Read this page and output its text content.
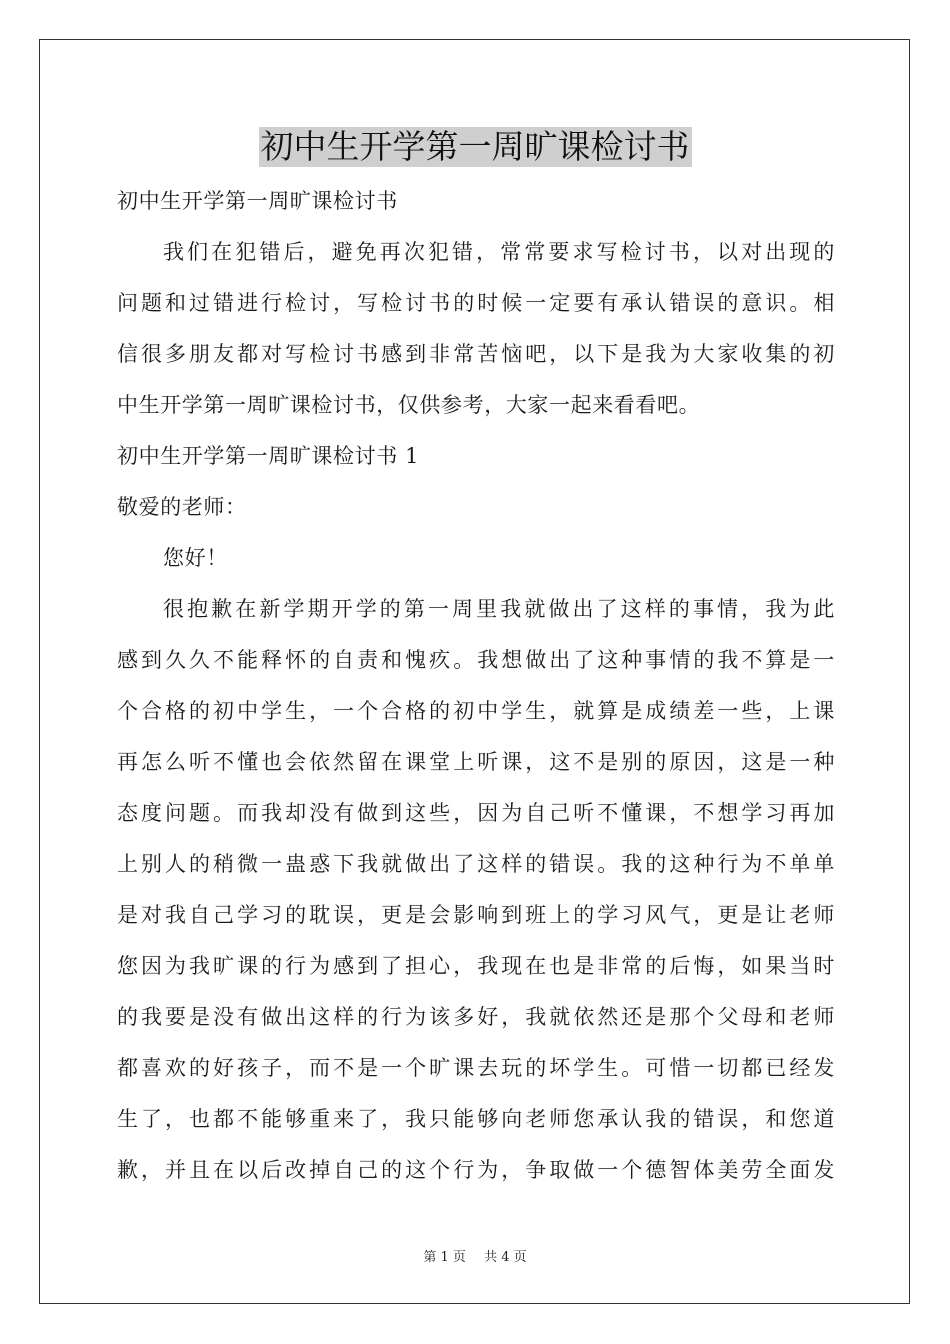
初中生开学第一周旷课检讨书
初中生开学第一周旷课检讨书
我们在犯错后，避免再次犯错，常常要求写检讨书，以对出现的
问题和过错进行检讨，写检讨书的时候一定要有承认错误的意识。相
信很多朋友都对写检讨书感到非常苦恼吧，以下是我为大家收集的初
中生开学第一周旷课检讨书，仅供参考，大家一起来看看吧。
初中生开学第一周旷课检讨书 1
敬爱的老师：
您好！
很抱歉在新学期开学的第一周里我就做出了这样的事情，我为此
感到久久不能释怀的自责和愧疚。我想做出了这种事情的我不算是一
个合格的初中学生，一个合格的初中学生，就算是成绩差一些，上课
再怎么听不懂也会依然留在课堂上听课，这不是别的原因，这是一种
态度问题。而我却没有做到这些，因为自己听不懂课，不想学习再加
上别人的稍微一蛊惑下我就做出了这样的错误。我的这种行为不单单
是对我自己学习的耽误，更是会影响到班上的学习风气，更是让老师
您因为我旷课的行为感到了担心，我现在也是非常的后悔，如果当时
的我要是没有做出这样的行为该多好，我就依然还是那个父母和老师
都喜欢的好孩子，而不是一个旷课去玩的坏学生。可惜一切都已经发
生了，也都不能够重来了，我只能够向老师您承认我的错误，和您道
歉，并且在以后改掉自己的这个行为，争取做一个德智体美劳全面发
第 1 页 共 4 页
